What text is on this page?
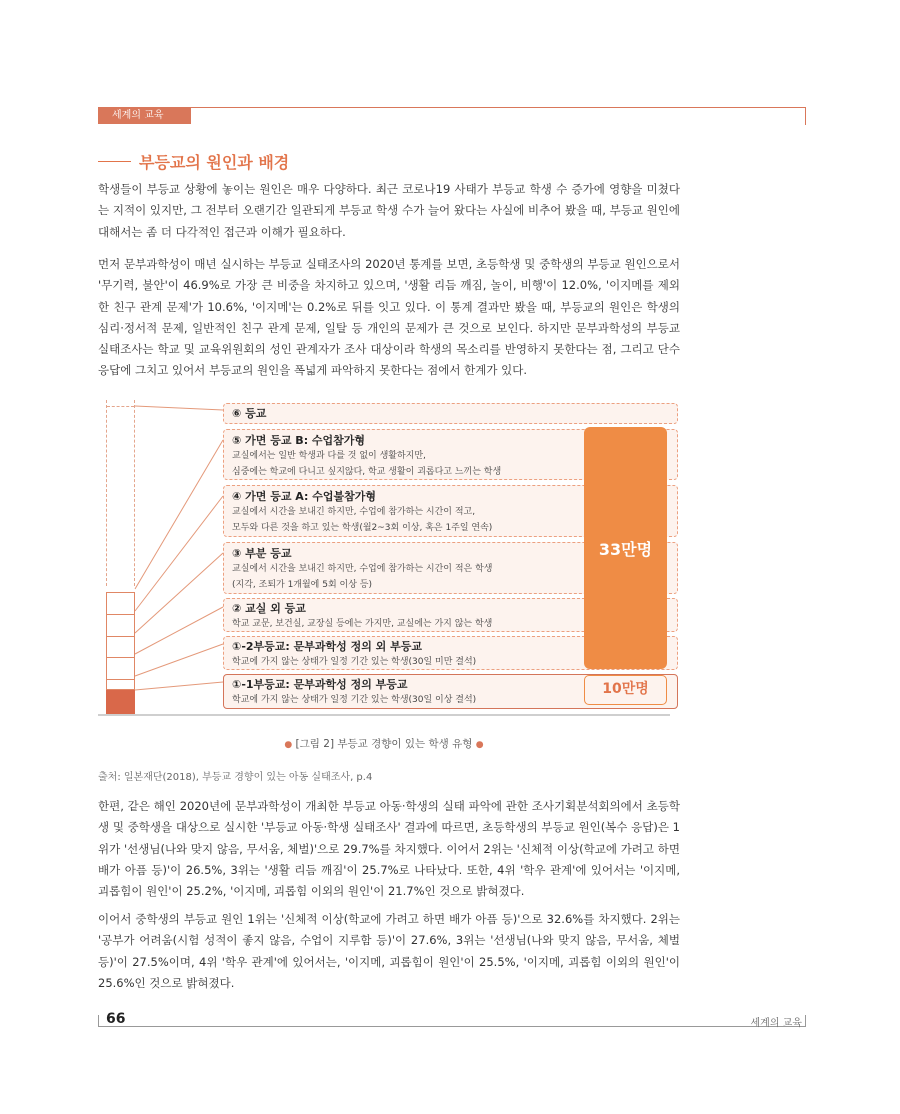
세계의 교육
부등교의 원인과 배경

학생들이 부등교 상황에 놓이는 원인은 매우 다양하다. 최근 코로나19 사태가 부등교 학생 수 증가에 영향을 미쳤다는 지적이 있지만, 그 전부터 오랜기간 일관되게 부등교 학생 수가 늘어 왔다는 사실에 비추어 봤을 때, 부등교 원인에 대해서는 좀 더 다각적인 접근과 이해가 필요하다.

먼저 문부과학성이 매년 실시하는 부등교 실태조사의 2020년 통계를 보면, 초등학생 및 중학생의 부등교 원인으로서 '무기력, 불안'이 46.9%로 가장 큰 비중을 차지하고 있으며, '생활 리듬 깨짐, 놀이, 비행'이 12.0%, '이지메를 제외한 친구 관계 문제'가 10.6%, '이지메'는 0.2%로 뒤를 잇고 있다. 이 통계 결과만 봤을 때, 부등교의 원인은 학생의 심리·정서적 문제, 일반적인 친구 관계 문제, 일탈 등 개인의 문제가 큰 것으로 보인다. 하지만 문부과학성의 부등교 실태조사는 학교 및 교육위원회의 성인 관계자가 조사 대상이라 학생의 목소리를 반영하지 못한다는 점, 그리고 단수 응답에 그치고 있어서 부등교의 원인을 폭넓게 파악하지 못한다는 점에서 한계가 있다.

⑥ 등교
⑤ 가면 등교 B: 수업참가형
교실에서는 일반 학생과 다를 것 없이 생활하지만,
심중에는 학교에 다니고 싶지않다, 학교 생활이 괴롭다고 느끼는 학생
④ 가면 등교 A: 수업불참가형
교실에서 시간을 보내긴 하지만, 수업에 참가하는 시간이 적고,
모두와 다른 것을 하고 있는 학생(월2~3회 이상, 혹은 1주일 연속)
③ 부분 등교
교실에서 시간을 보내긴 하지만, 수업에 참가하는 시간이 적은 학생
(지각, 조퇴가 1개월에 5회 이상 등)
② 교실 외 등교
학교 교문, 보건실, 교장실 등에는 가지만, 교실에는 가지 않는 학생
①-2부등교: 문부과학성 정의 외 부등교
학교에 가지 않는 상태가 일정 기간 있는 학생(30일 미만 결석)
①-1부등교: 문부과학성 정의 부등교
학교에 가지 않는 상태가 일정 기간 있는 학생(30일 이상 결석)
33만명
10만명
● [그림 2] 부등교 경향이 있는 학생 유형 ●
출처: 일본재단(2018), 부등교 경향이 있는 아동 실태조사, p.4

한편, 같은 해인 2020년에 문부과학성이 개최한 부등교 아동·학생의 실태 파악에 관한 조사기획분석회의에서 초등학생 및 중학생을 대상으로 실시한 '부등교 아동·학생 실태조사' 결과에 따르면, 초등학생의 부등교 원인(복수 응답)은 1위가 '선생님(나와 맞지 않음, 무서움, 체벌)'으로 29.7%를 차지했다. 이어서 2위는 '신체적 이상(학교에 가려고 하면 배가 아픔 등)'이 26.5%, 3위는 '생활 리듬 깨짐'이 25.7%로 나타났다. 또한, 4위 '학우 관계'에 있어서는 '이지메, 괴롭힘이 원인'이 25.2%, '이지메, 괴롭힘 이외의 원인'이 21.7%인 것으로 밝혀졌다.

이어서 중학생의 부등교 원인 1위는 '신체적 이상(학교에 가려고 하면 배가 아픔 등)'으로 32.6%를 차지했다. 2위는 '공부가 어려움(시험 성적이 좋지 않음, 수업이 지루함 등)'이 27.6%, 3위는 '선생님(나와 맞지 않음, 무서움, 체벌 등)'이 27.5%이며, 4위 '학우 관계'에 있어서는, '이지메, 괴롭힘이 원인'이 25.5%, '이지메, 괴롭힘 이외의 원인'이 25.6%인 것으로 밝혀졌다.

66	세계의 교육
